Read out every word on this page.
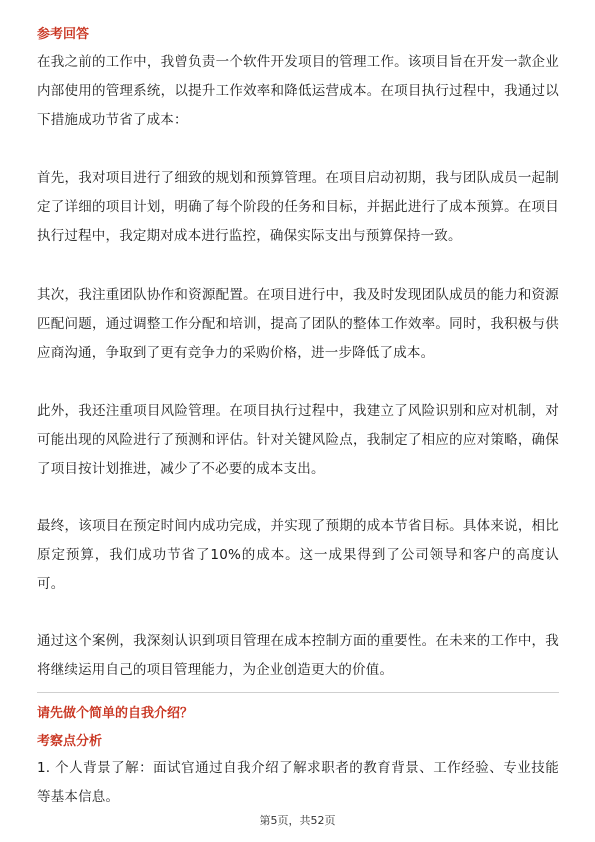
参考回答
在我之前的工作中，我曾负责一个软件开发项目的管理工作。该项目旨在开发一款企业内部使用的管理系统，以提升工作效率和降低运营成本。在项目执行过程中，我通过以下措施成功节省了成本：
首先，我对项目进行了细致的规划和预算管理。在项目启动初期，我与团队成员一起制定了详细的项目计划，明确了每个阶段的任务和目标，并据此进行了成本预算。在项目执行过程中，我定期对成本进行监控，确保实际支出与预算保持一致。
其次，我注重团队协作和资源配置。在项目进行中，我及时发现团队成员的能力和资源匹配问题，通过调整工作分配和培训，提高了团队的整体工作效率。同时，我积极与供应商沟通，争取到了更有竞争力的采购价格，进一步降低了成本。
此外，我还注重项目风险管理。在项目执行过程中，我建立了风险识别和应对机制，对可能出现的风险进行了预测和评估。针对关键风险点，我制定了相应的应对策略，确保了项目按计划推进，减少了不必要的成本支出。
最终，该项目在预定时间内成功完成，并实现了预期的成本节省目标。具体来说，相比原定预算，我们成功节省了10%的成本。这一成果得到了公司领导和客户的高度认可。
通过这个案例，我深刻认识到项目管理在成本控制方面的重要性。在未来的工作中，我将继续运用自己的项目管理能力，为企业创造更大的价值。
请先做个简单的自我介绍？
考察点分析
1. 个人背景了解：面试官通过自我介绍了解求职者的教育背景、工作经验、专业技能等基本信息。
第5页，共52页
